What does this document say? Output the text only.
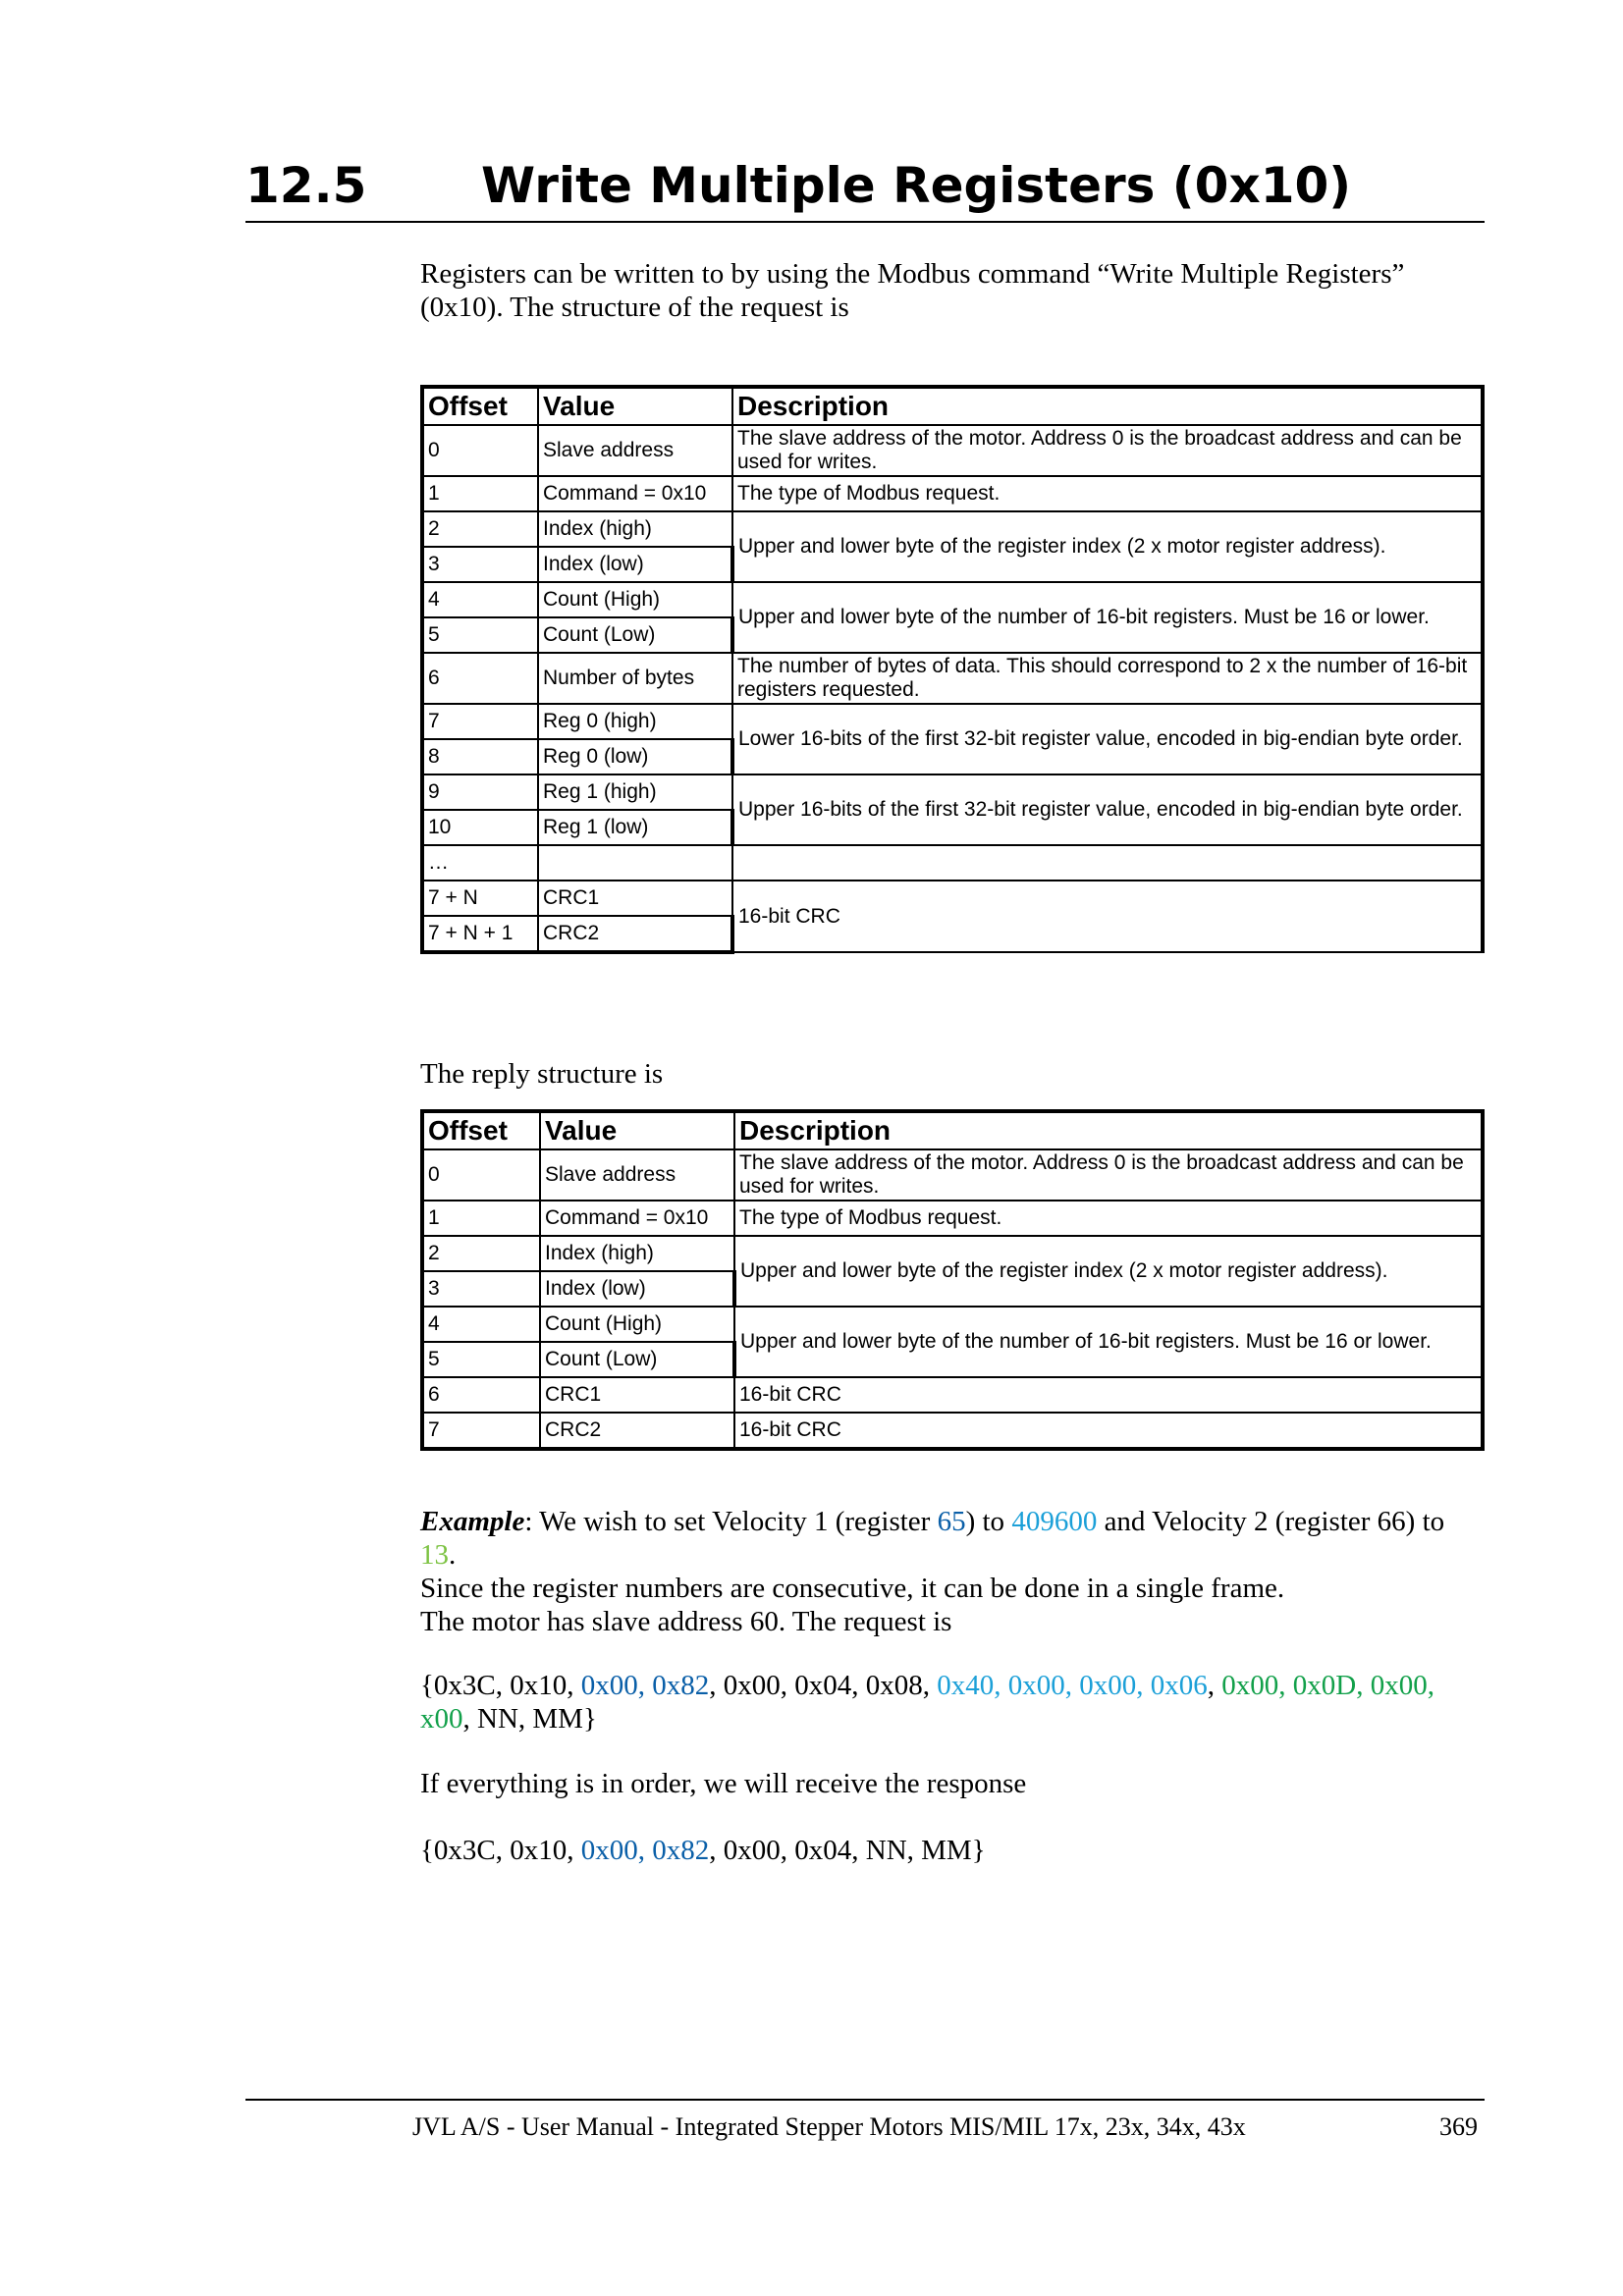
12.5 Write Multiple Registers (0x10)

Registers can be written to by using the Modbus command “Write Multiple Registers” (0x10). The structure of the request is

Offset	Value	Description
0	Slave address	The slave address of the motor. Address 0 is the broadcast address and can be used for writes.
1	Command = 0x10	The type of Modbus request.
2	Index (high)	Upper and lower byte of the register index (2 x motor register address).
3	Index (low)	
4	Count (High)	Upper and lower byte of the number of 16-bit registers. Must be 16 or lower.
5	Count (Low)	
6	Number of bytes	The number of bytes of data. This should correspond to 2 x the number of 16-bit registers requested.
7	Reg 0 (high)	Lower 16-bits of the first 32-bit register value, encoded in big-endian byte order.
8	Reg 0 (low)	
9	Reg 1 (high)	Upper 16-bits of the first 32-bit register value, encoded in big-endian byte order.
10	Reg 1 (low)	
…		
7 + N	CRC1	16-bit CRC
7 + N + 1	CRC2	

The reply structure is

Offset	Value	Description
0	Slave address	The slave address of the motor. Address 0 is the broadcast address and can be used for writes.
1	Command = 0x10	The type of Modbus request.
2	Index (high)	Upper and lower byte of the register index (2 x motor register address).
3	Index (low)	
4	Count (High)	Upper and lower byte of the number of 16-bit registers. Must be 16 or lower.
5	Count (Low)	
6	CRC1	16-bit CRC
7	CRC2	16-bit CRC

Example: We wish to set Velocity 1 (register 65) to 409600 and Velocity 2 (register 66) to 13.
Since the register numbers are consecutive, it can be done in a single frame.
The motor has slave address 60. The request is

{0x3C, 0x10, 0x00, 0x82, 0x00, 0x04, 0x08, 0x40, 0x00, 0x00, 0x06, 0x00, 0x0D, 0x00, x00, NN, MM}

If everything is in order, we will receive the response

{0x3C, 0x10, 0x00, 0x82, 0x00, 0x04, NN, MM}

JVL A/S - User Manual - Integrated Stepper Motors MIS/MIL 17x, 23x, 34x, 43x	369
